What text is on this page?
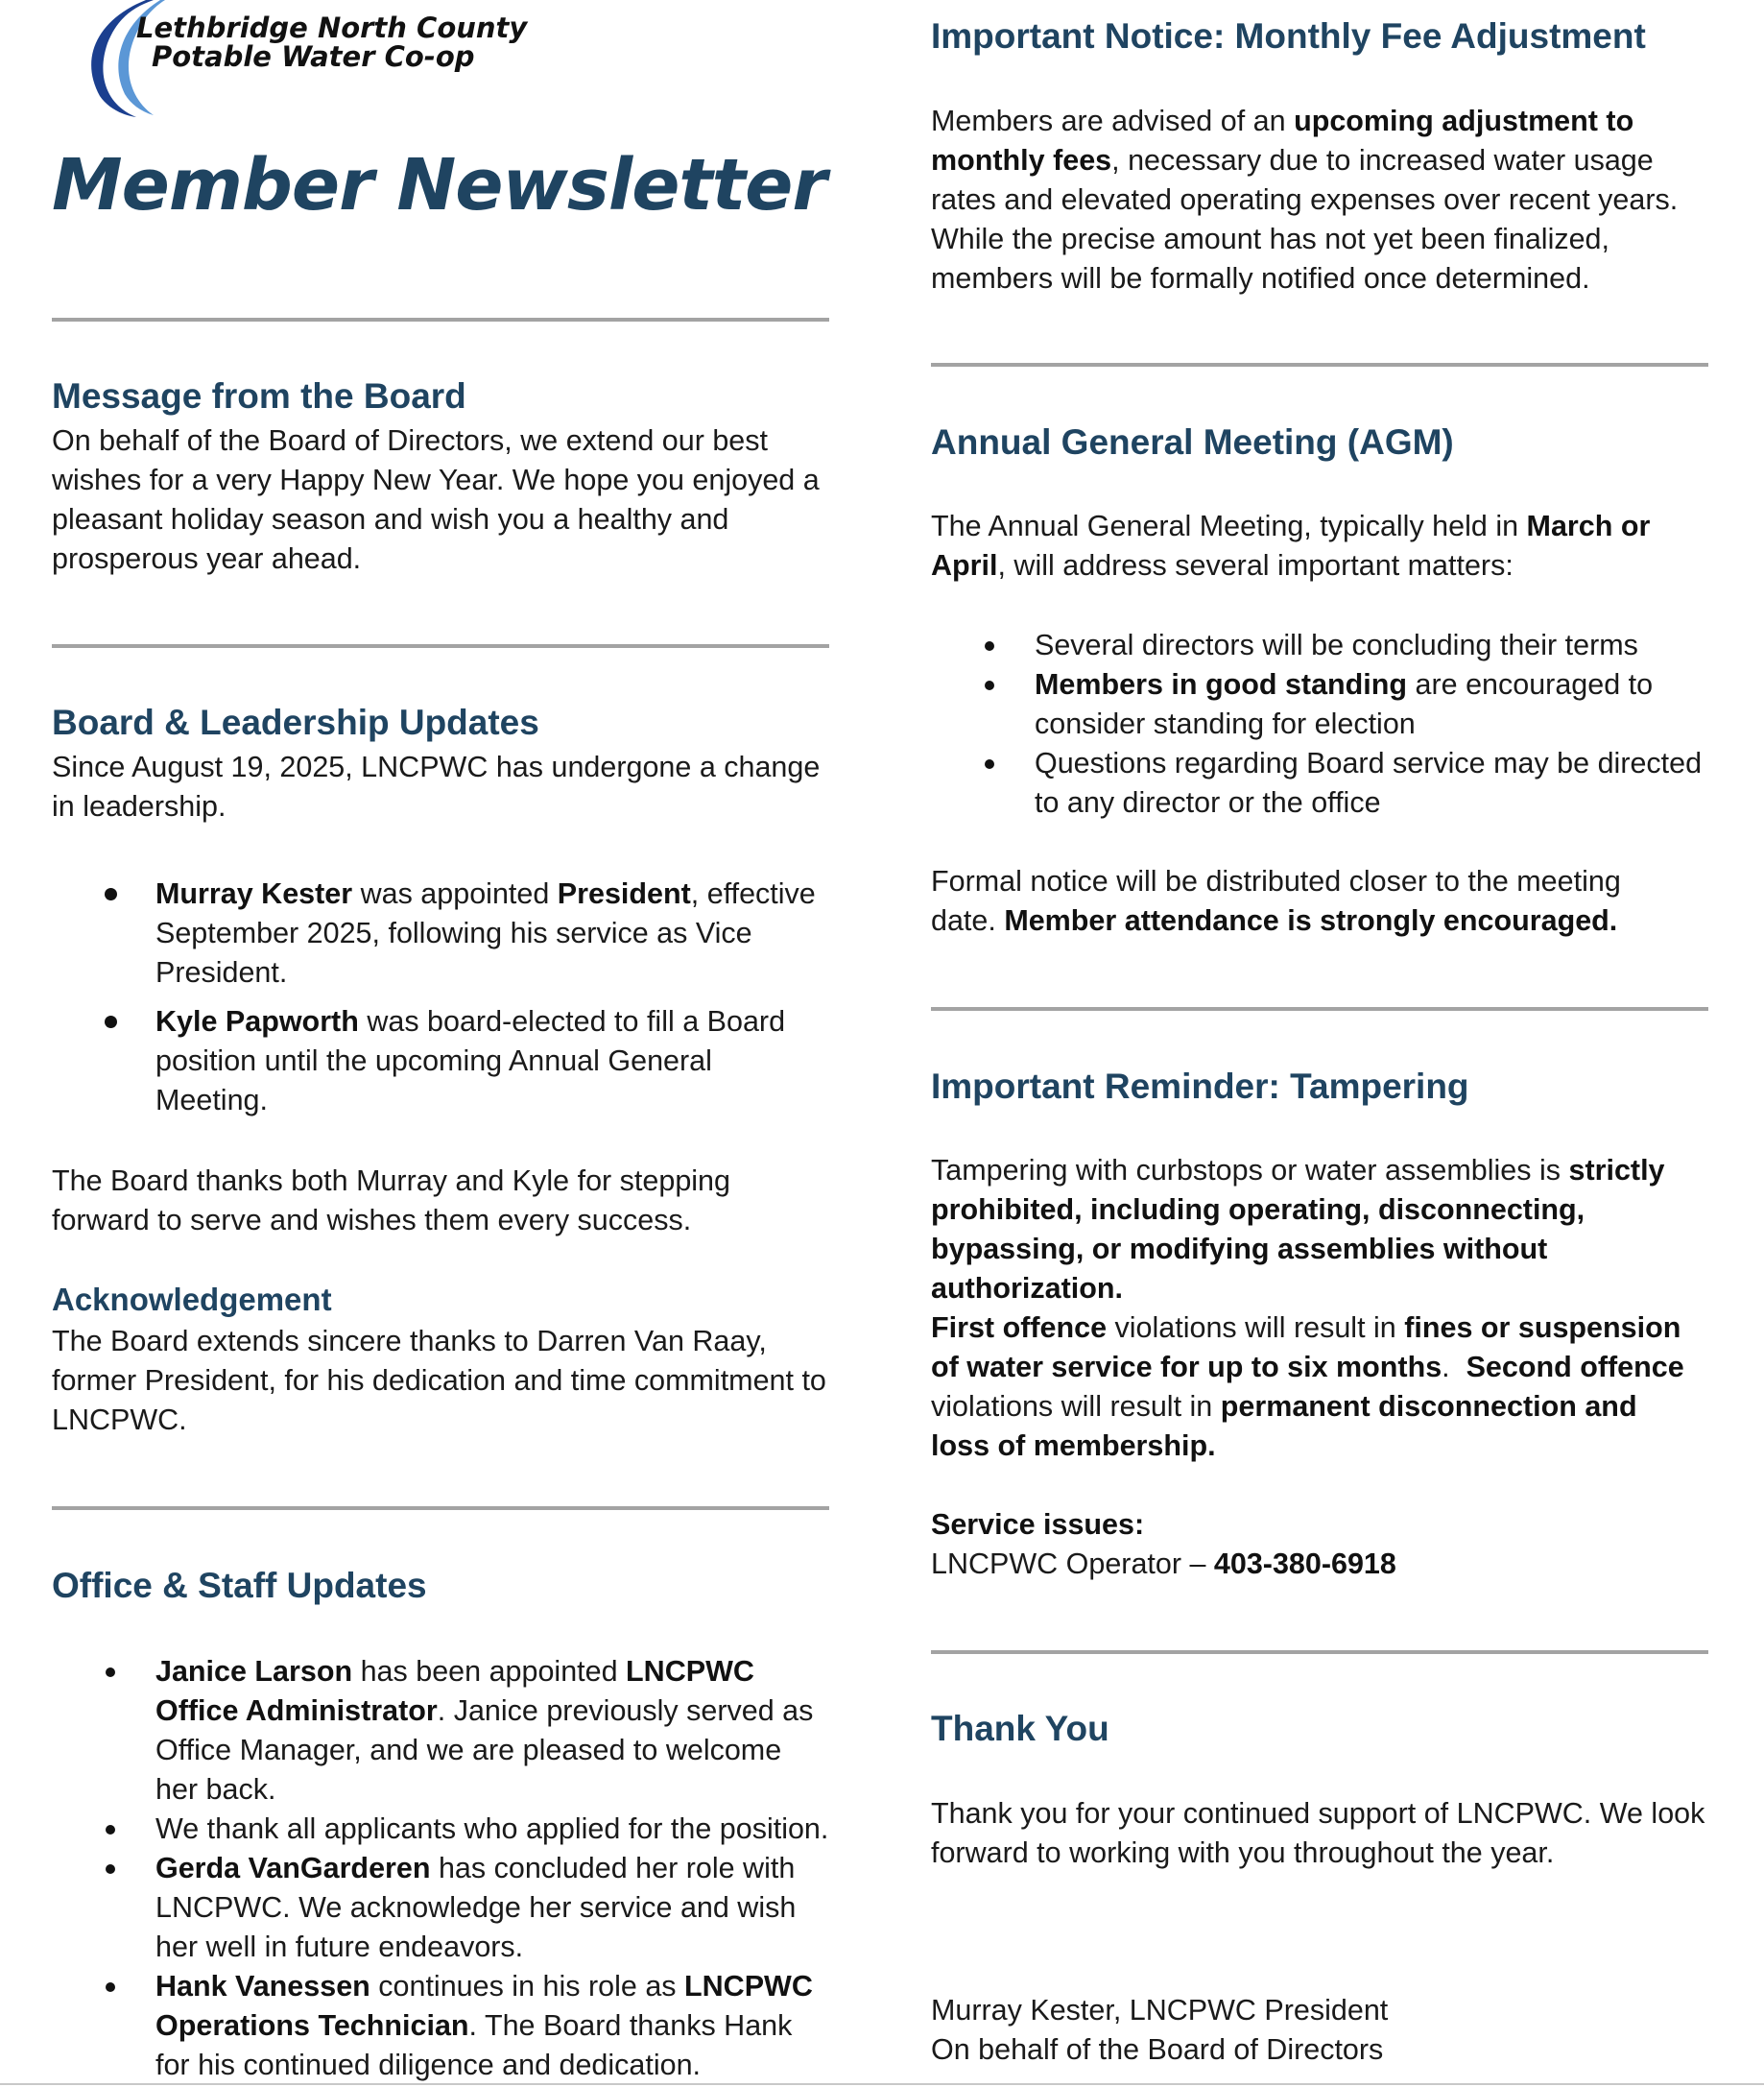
Lethbridge North County
Potable Water Co-op

Member Newsletter
Message from the Board

On behalf of the Board of Directors, we extend our best wishes for a very Happy New Year. We hope you enjoyed a pleasant holiday season and wish you a healthy and prosperous year ahead.

Board & Leadership Updates

Since August 19, 2025, LNCPWC has undergone a change in leadership.

Murray Kester was appointed President, effective September 2025, following his service as Vice President.
Kyle Papworth was board-elected to fill a Board position until the upcoming Annual General Meeting.

The Board thanks both Murray and Kyle for stepping forward to serve and wishes them every success.

Acknowledgement

The Board extends sincere thanks to Darren Van Raay, former President, for his dedication and time commitment to LNCPWC.

Office & Staff Updates
Janice Larson has been appointed LNCPWC Office Administrator. Janice previously served as Office Manager, and we are pleased to welcome her back.
We thank all applicants who applied for the position.
Gerda VanGarderen has concluded her role with LNCPWC. We acknowledge her service and wish her well in future endeavors.
Hank Vanessen continues in his role as LNCPWC Operations Technician. The Board thanks Hank for his continued diligence and dedication.
Important Notice: Monthly Fee Adjustment

Members are advised of an upcoming adjustment to monthly fees, necessary due to increased water usage rates and elevated operating expenses over recent years. While the precise amount has not yet been finalized, members will be formally notified once determined.

Annual General Meeting (AGM)

The Annual General Meeting, typically held in March or April, will address several important matters:

Several directors will be concluding their terms
Members in good standing are encouraged to consider standing for election
Questions regarding Board service may be directed to any director or the office

Formal notice will be distributed closer to the meeting date. Member attendance is strongly encouraged.

Important Reminder: Tampering

Tampering with curbstops or water assemblies is strictly prohibited, including operating, disconnecting, bypassing, or modifying assemblies without authorization.

First offence violations will result in fines or suspension of water service for up to six months.  Second offence violations will result in permanent disconnection and loss of membership.

Service issues:
LNCPWC Operator – 403-380-6918

Thank You

Thank you for your continued support of LNCPWC. We look forward to working with you throughout the year.

Murray Kester, LNCPWC President
On behalf of the Board of Directors
